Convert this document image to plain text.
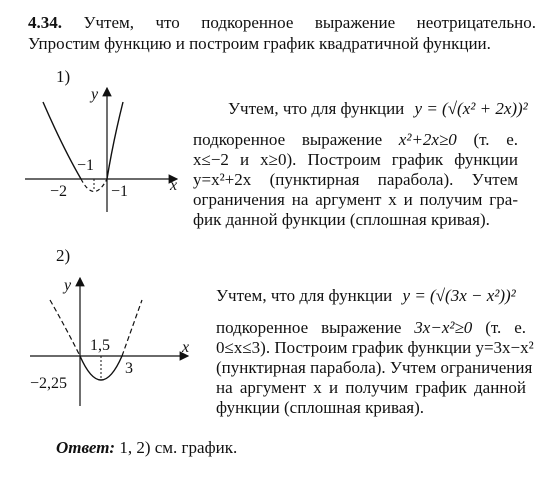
4.34. Учтем, что подкоренное выражение неотрицательно.
Упростим функцию и построим график квадратичной функции.
1)
y
x
−1
−2	−1
Учтем, что для функции y = (√(x² + 2x))²
подкоренное выражение x²+2x≥0 (т. е.
x≤−2 и x≥0). Построим график функции
y=x²+2x (пунктирная парабола). Учтем
ограничения на аргумент x и получим гра-
фик данной функции (сплошная кривая).
2)
y
x
1,5
3
−2,25
Учтем, что для функции y = (√(3x − x²))²
подкоренное выражение 3x−x²≥0 (т. е.
0≤x≤3). Построим график функции y=3x−x²
(пунктирная парабола). Учтем ограничения
на аргумент x и получим график данной
функции (сплошная кривая).
Ответ: 1, 2) см. график.
